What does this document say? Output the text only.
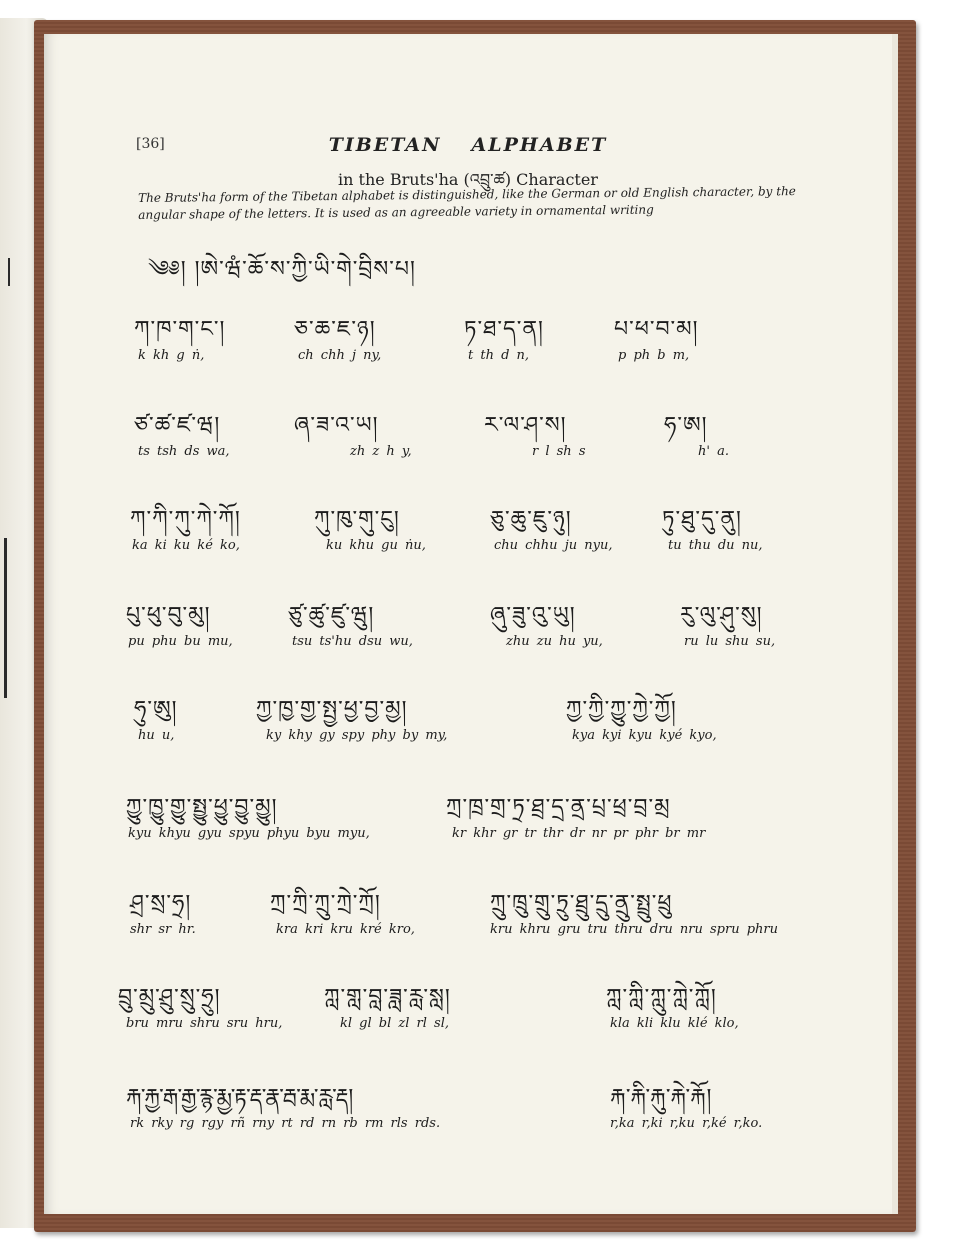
[36]	TIBETAN ALPHABET
in the Bruts'ha (འབྲུ་ཚ) Character
The Bruts'ha form of the Tibetan alphabet is distinguished, like the German or old English character, by the angular shape of the letters. It is used as an agreeable variety in ornamental writing
༄༅། །ཨེ་ཝཾ་ཆོ་ས་ཀྱི་ཡི་གེ་བྲིས་པ།
ཀ་ཁ་ག་ང་།
k kh g ṅ,
ཅ་ཆ་ཇ་ཉ།
ch chh j ny,
ཏ་ཐ་ད་ན།
t th d n,
པ་ཕ་བ་མ།
p ph b m,
ཙ་ཚ་ཛ་ཝ།
ts tsh ds wa,
ཞ་ཟ་འ་ཡ།
zh z h y,
ར་ལ་ཤ་ས།
r l sh s
ཧ་ཨ།
h' a.
ཀ་ཀི་ཀུ་ཀེ་ཀོ།
ka ki ku ké ko,
ཀུ་ཁུ་གུ་ངུ།
ku khu gu ṅu,
ཅུ་ཆུ་ཇུ་ཉུ།
chu chhu ju nyu,
ཏུ་ཐུ་དུ་ནུ།
tu thu du nu,
པུ་ཕུ་བུ་མུ།
pu phu bu mu,
ཙུ་ཚུ་ཛུ་ཝུ།
tsu ts'hu dsu wu,
ཞུ་ཟུ་འུ་ཡུ།
zhu zu hu yu,
རུ་ལུ་ཤུ་སུ།
ru lu shu su,
ཧུ་ཨུ།
hu u,
ཀྱ་ཁྱ་གྱ་སྤྱ་ཕྱ་བྱ་མྱ།
ky khy gy spy phy by my,
ཀྱ་ཀྱི་ཀྱུ་ཀྱེ་ཀྱོ།
kya kyi kyu kyé kyo,
ཀྱུ་ཁྱུ་གྱུ་སྤྱུ་ཕྱུ་བྱུ་མྱུ།
kyu khyu gyu spyu phyu byu myu,
ཀྲ་ཁྲ་གྲ་ཏྲ་ཐྲ་དྲ་ནྲ་པྲ་ཕྲ་བྲ་མྲ
kr khr gr tr thr dr nr pr phr br mr
ཤྲ་སྲ་ཧྲ།
shr sr hr.
ཀྲ་ཀྲི་ཀྲུ་ཀྲེ་ཀྲོ།
kra kri kru kré kro,
ཀྲུ་ཁྲུ་གྲུ་ཏྲུ་ཐྲུ་དྲུ་ནྲུ་སྤྲུ་ཕྲུ
kru khru gru tru thru dru nru spru phru
བྲུ་མྲུ་ཤྲུ་སྲུ་ཧྲུ།
bru mru shru sru hru,
ཀླ་གླ་བླ་ཟླ་རླ་སླ།
kl gl bl zl rl sl,
ཀླ་ཀླི་ཀླུ་ཀླེ་ཀློ།
kla kli klu klé klo,
རྐ་རྐྱ་རྒ་རྒྱ་རྙ་རྨྱ་རྟ་རྡ་རྣ་རྦ་རྨ་རླ་རྡ།
rk rky rg rgy rñ rny rt rd rn rb rm rls rds.
རྐ་རྐི་རྐུ་རྐེ་རྐོ།
r,ka r,ki r,ku r,ké r,ko.
